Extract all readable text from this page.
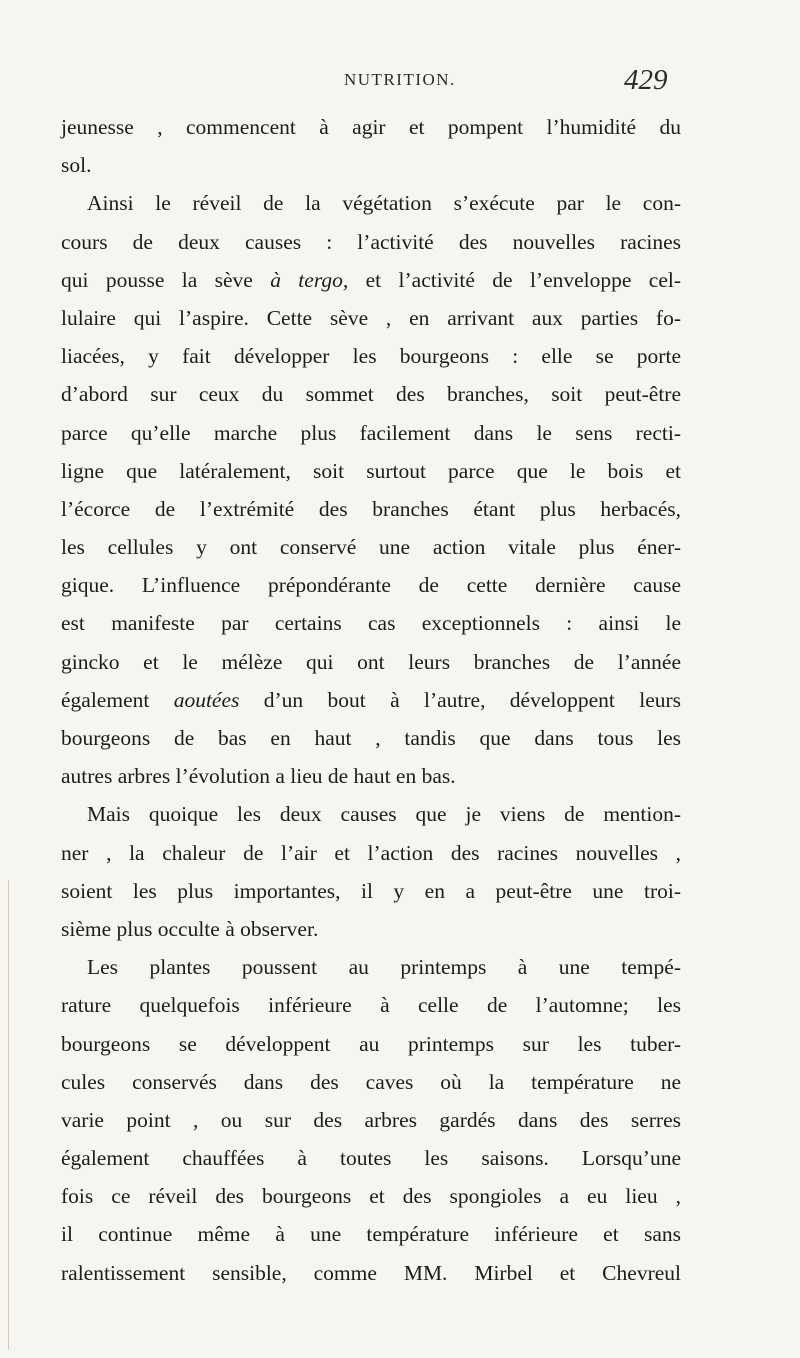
NUTRITION.	429
jeunesse , commencent à agir et pompent l’humidité du
sol.
Ainsi le réveil de la végétation s’exécute par le con-
cours de deux causes : l’activité des nouvelles racines
qui pousse la sève à tergo, et l’activité de l’enveloppe cel-
lulaire qui l’aspire. Cette sève , en arrivant aux parties fo-
liacées, y fait développer les bourgeons : elle se porte
d’abord sur ceux du sommet des branches, soit peut-être
parce qu’elle marche plus facilement dans le sens recti-
ligne que latéralement, soit surtout parce que le bois et
l’écorce de l’extrémité des branches étant plus herbacés,
les cellules y ont conservé une action vitale plus éner-
gique. L’influence prépondérante de cette dernière cause
est manifeste par certains cas exceptionnels : ainsi le
gincko et le mélèze qui ont leurs branches de l’année
également aoutées d’un bout à l’autre, développent leurs
bourgeons de bas en haut , tandis que dans tous les
autres arbres l’évolution a lieu de haut en bas.
Mais quoique les deux causes que je viens de mention-
ner , la chaleur de l’air et l’action des racines nouvelles ,
soient les plus importantes, il y en a peut-être une troi-
sième plus occulte à observer.
Les plantes poussent au printemps à une tempé-
rature quelquefois inférieure à celle de l’automne; les
bourgeons se développent au printemps sur les tuber-
cules conservés dans des caves où la température ne
varie point , ou sur des arbres gardés dans des serres
également chauffées à toutes les saisons. Lorsqu’une
fois ce réveil des bourgeons et des spongioles a eu lieu ,
il continue même à une température inférieure et sans
ralentissement sensible, comme MM. Mirbel et Chevreul
